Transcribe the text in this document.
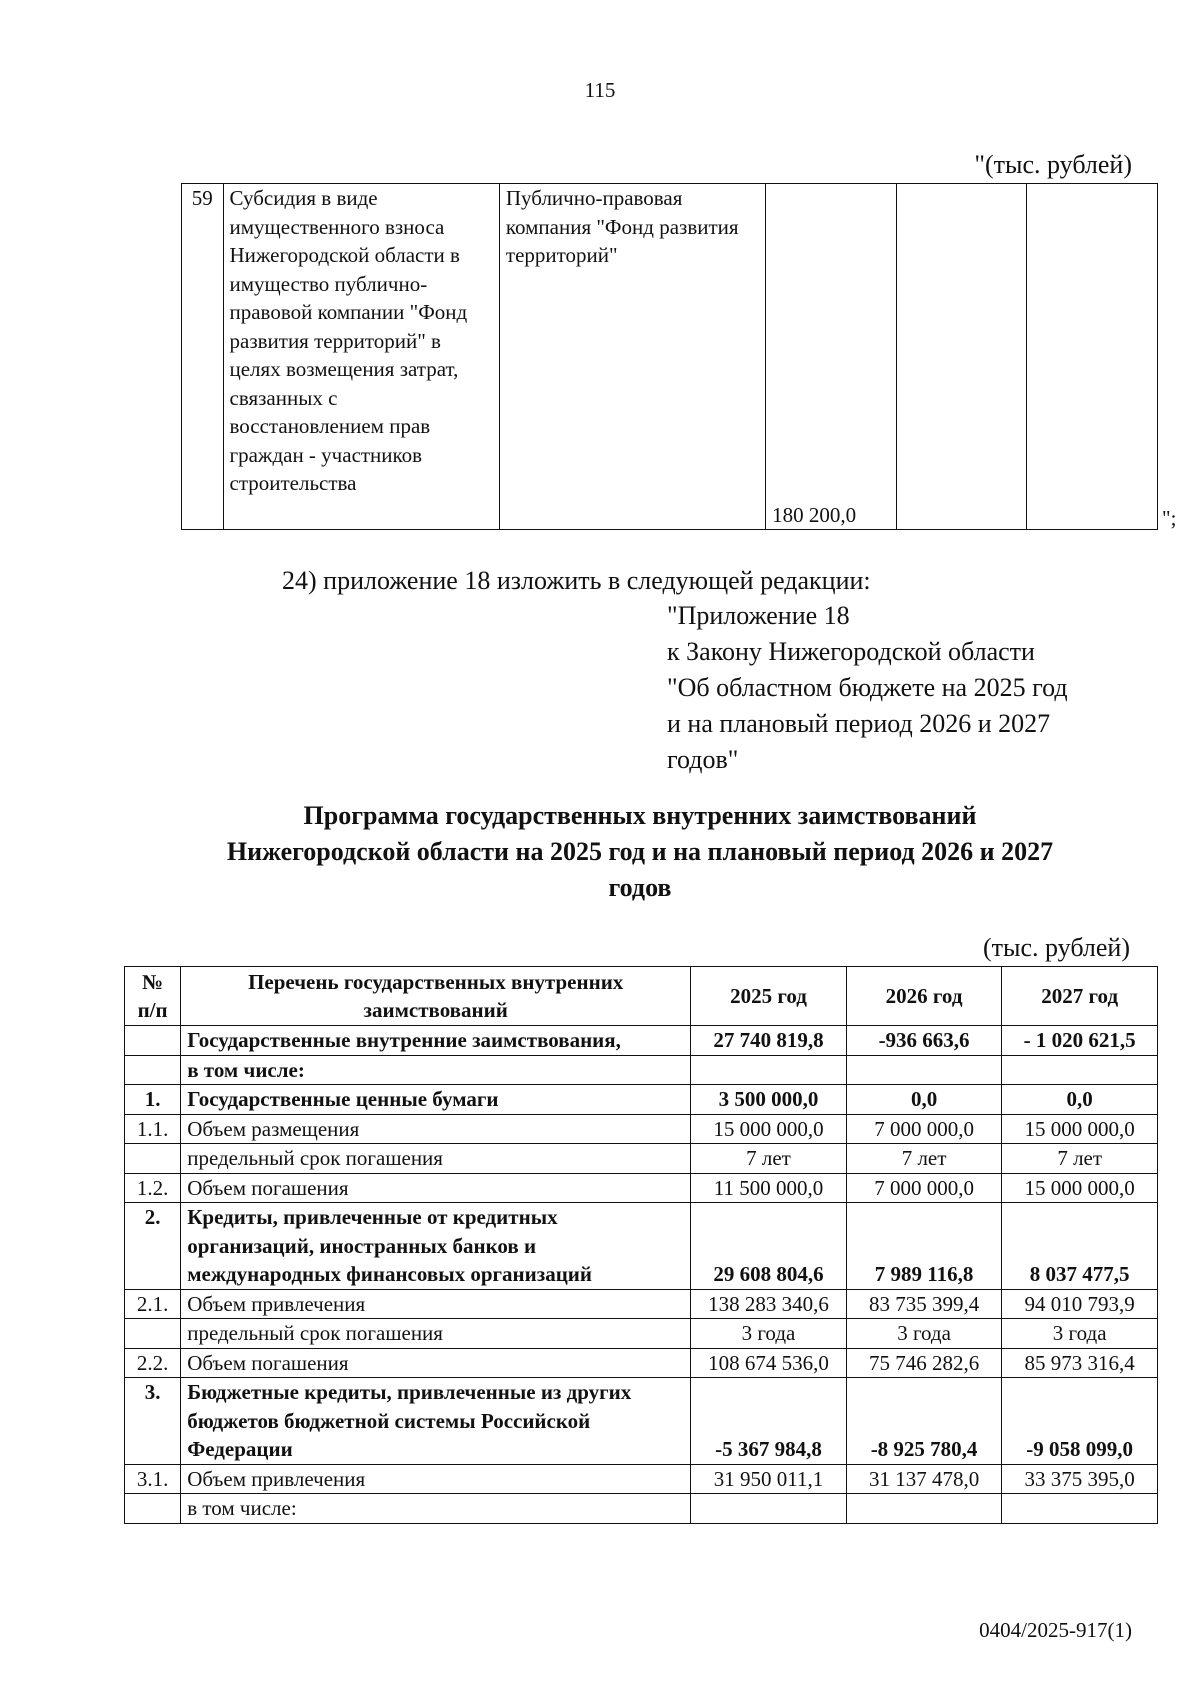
115
"(тыс. рублей)
59	Субсидия в виде имущественного взноса Нижегородской области в имущество публично-правовой компании "Фонд развития территорий" в целях возмещения затрат, связанных с восстановлением прав граждан - участников строительства	Публично-правовая компания "Фонд развития территорий"	180 200,0			";
24) приложение 18 изложить в следующей редакции:
"Приложение 18
к Закону Нижегородской области
"Об областном бюджете на 2025 год
и на плановый период 2026 и 2027
годов"
Программа государственных внутренних заимствований
Нижегородской области на 2025 год и на плановый период 2026 и 2027
годов
(тыс. рублей)
№ п/п	Перечень государственных внутренних заимствований	2025 год	2026 год	2027 год
	Государственные внутренние заимствования,	27 740 819,8	-936 663,6	- 1 020 621,5
	в том числе:			
1.	Государственные ценные бумаги	3 500 000,0	0,0	0,0
1.1.	Объем размещения	15 000 000,0	7 000 000,0	15 000 000,0
	предельный срок погашения	7 лет	7 лет	7 лет
1.2.	Объем погашения	11 500 000,0	7 000 000,0	15 000 000,0
2.	Кредиты, привлеченные от кредитных организаций, иностранных банков и международных финансовых организаций	29 608 804,6	7 989 116,8	8 037 477,5
2.1.	Объем привлечения	138 283 340,6	83 735 399,4	94 010 793,9
	предельный срок погашения	3 года	3 года	3 года
2.2.	Объем погашения	108 674 536,0	75 746 282,6	85 973 316,4
3.	Бюджетные кредиты, привлеченные из других бюджетов бюджетной системы Российской Федерации	-5 367 984,8	-8 925 780,4	-9 058 099,0
3.1.	Объем привлечения	31 950 011,1	31 137 478,0	33 375 395,0
	в том числе:			
0404/2025-917(1)
